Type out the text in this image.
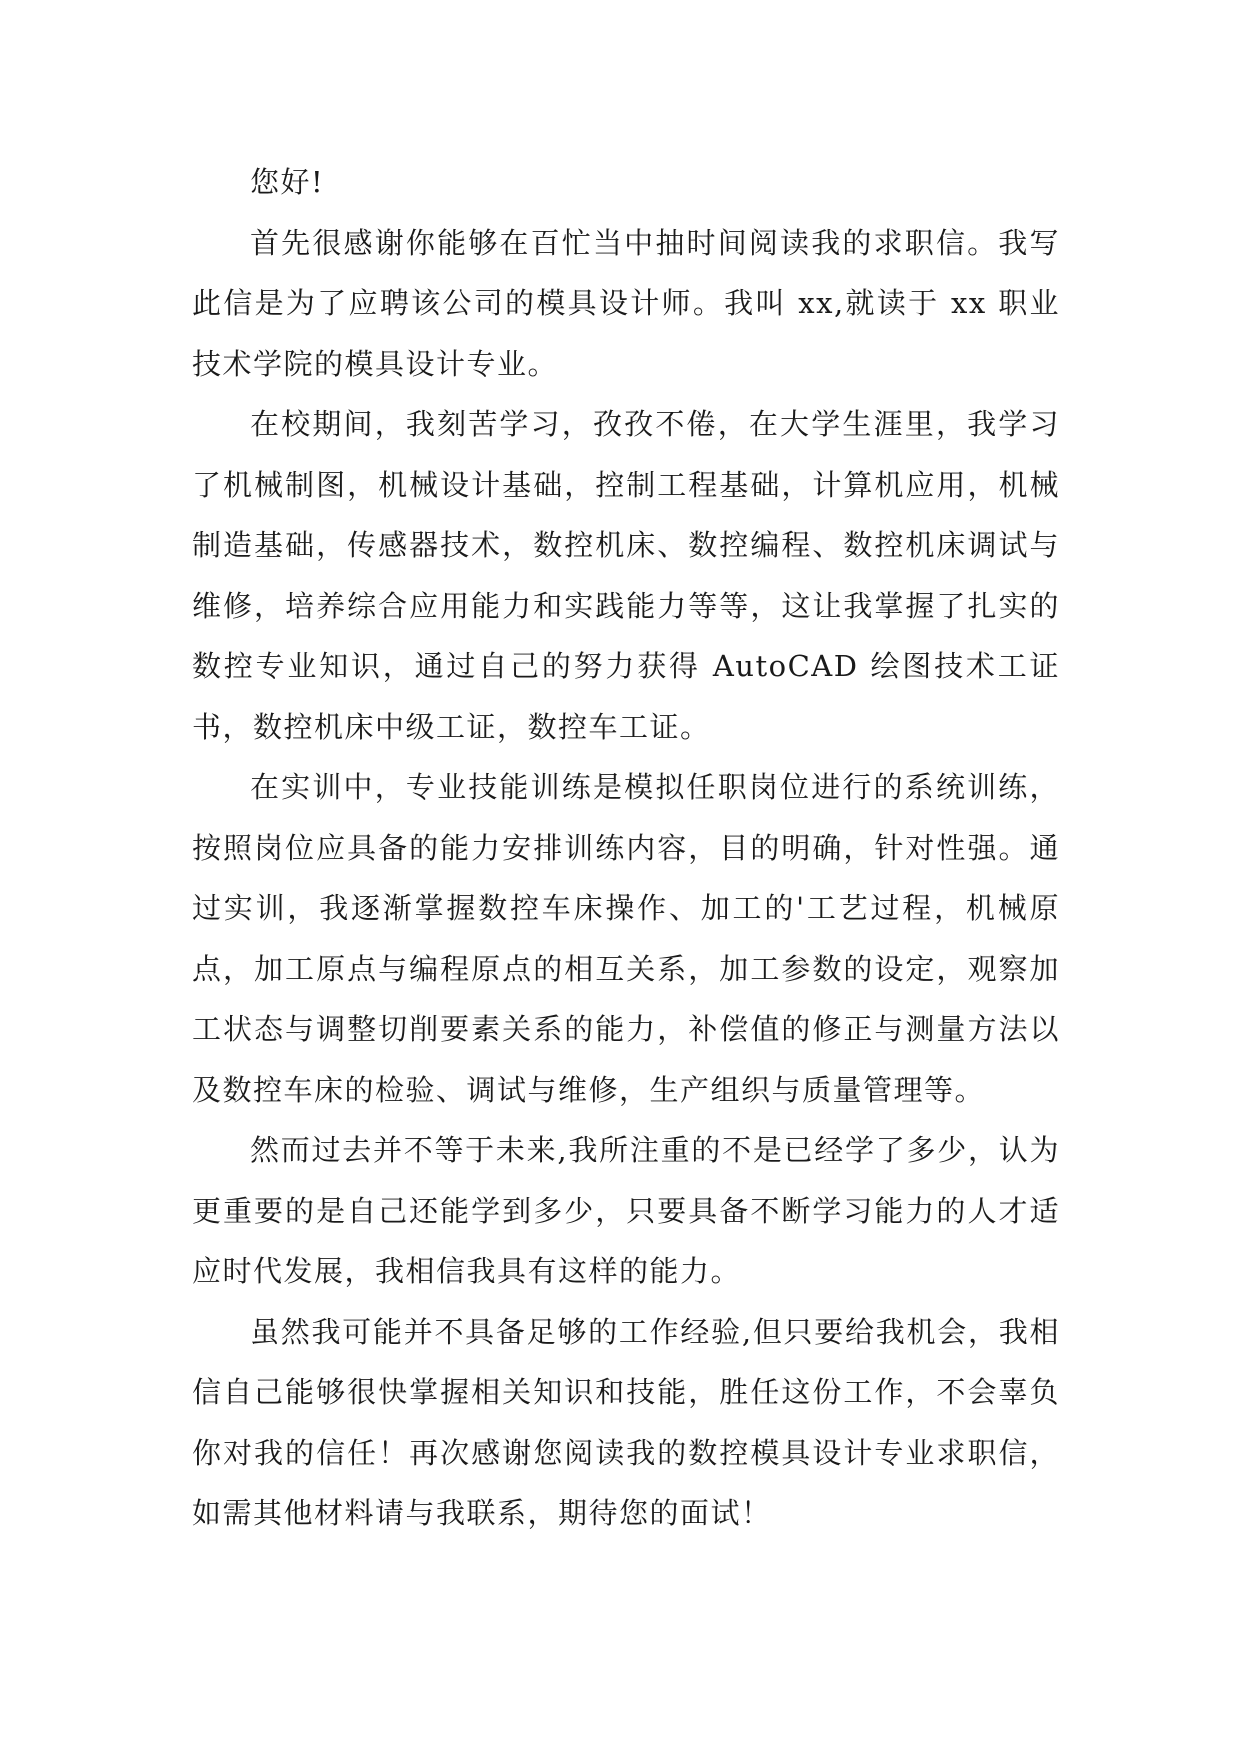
您好!

首先很感谢你能够在百忙当中抽时间阅读我的求职信。我写此信是为了应聘该公司的模具设计师。我叫 xx,就读于 xx 职业技术学院的模具设计专业。

在校期间，我刻苦学习，孜孜不倦，在大学生涯里，我学习了机械制图，机械设计基础，控制工程基础，计算机应用，机械制造基础，传感器技术，数控机床、数控编程、数控机床调试与维修，培养综合应用能力和实践能力等等，这让我掌握了扎实的数控专业知识，通过自己的努力获得 AutoCAD 绘图技术工证书，数控机床中级工证，数控车工证。

在实训中，专业技能训练是模拟任职岗位进行的系统训练，按照岗位应具备的能力安排训练内容，目的明确，针对性强。通过实训，我逐渐掌握数控车床操作、加工的'工艺过程，机械原点，加工原点与编程原点的相互关系，加工参数的设定，观察加工状态与调整切削要素关系的能力，补偿值的修正与测量方法以及数控车床的检验、调试与维修，生产组织与质量管理等。

然而过去并不等于未来,我所注重的不是已经学了多少，认为更重要的是自己还能学到多少，只要具备不断学习能力的人才适应时代发展，我相信我具有这样的能力。

虽然我可能并不具备足够的工作经验,但只要给我机会，我相信自己能够很快掌握相关知识和技能，胜任这份工作，不会辜负你对我的信任！再次感谢您阅读我的数控模具设计专业求职信，如需其他材料请与我联系，期待您的面试！
